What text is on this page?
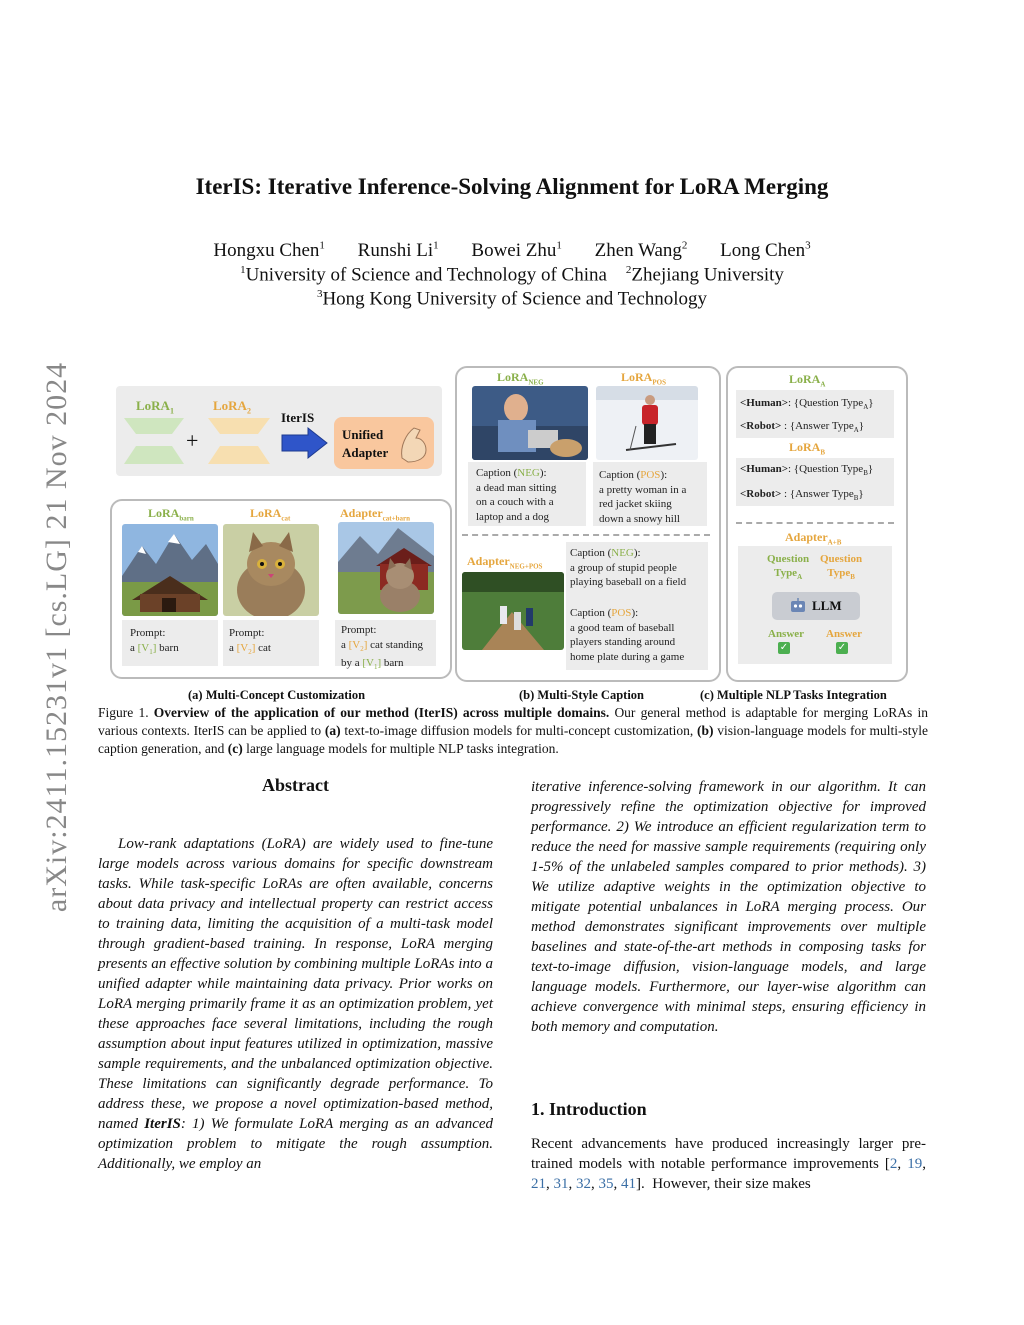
arXiv:2411.15231v1 [cs.LG] 21 Nov 2024
IterIS: Iterative Inference-Solving Alignment for LoRA Merging
Hongxu Chen$^1$ Runshi Li$^1$ Bowei Zhu$^1$ Zhen Wang$^2$ Long Chen$^3$
$^1$University of Science and Technology of China $^2$Zhejiang University
$^3$Hong Kong University of Science and Technology
LoRA$_1$	LoRA$_2$
+
IterIS
Unified
Adapter
LoRA$_{barn}$	LoRA$_{cat}$	Adapter$_{cat+barn}$
Prompt:
a $[V_1]$ barn
Prompt:
a $[V_2]$ cat
Prompt:
a $[V_2]$ cat standing
by a $[V_1]$ barn
(a) Multi-Concept Customization
LoRA$_{NEG}$	LoRA$_{POS}$
Caption (NEG):
a dead man sitting
on a couch with a
laptop and a dog
Caption (POS):
a pretty woman in a
red jacket skiing
down a snowy hill
Adapter$_{NEG+POS}$
Caption (NEG):
a group of stupid people
playing baseball on a field
Caption (POS):
a good team of baseball
players standing around
home plate during a game
(b) Multi-Style Caption
LoRA$_A$
<Human>: {Question Type$_A$}
<Robot> : {Answer Type$_A$}
LoRA$_B$
<Human>: {Question Type$_B$}
<Robot> : {Answer Type$_B$}
Adapter$_{A+B}$
Question
Type$_A$
Question
Type$_B$
LLM
Answer Answer
✓	✓
(c) Multiple NLP Tasks Integration
Figure 1. Overview of the application of our method (IterIS) across multiple domains. Our general method is adaptable for merging LoRAs in various contexts. IterIS can be applied to (a) text-to-image diffusion models for multi-concept customization, (b) vision-language models for multi-style caption generation, and (c) large language models for multiple NLP tasks integration.
Abstract
Low-rank adaptations (LoRA) are widely used to fine-tune large models across various domains for specific downstream tasks. While task-specific LoRAs are often available, concerns about data privacy and intellectual property can restrict access to training data, limiting the acquisition of a multi-task model through gradient-based training. In response, LoRA merging presents an effective solution by combining multiple LoRAs into a unified adapter while maintaining data privacy. Prior works on LoRA merging primarily frame it as an optimization problem, yet these approaches face several limitations, including the rough assumption about input features utilized in optimization, massive sample requirements, and the unbalanced optimization objective. These limitations can significantly degrade performance. To address these, we propose a novel optimization-based method, named IterIS: 1) We formulate LoRA merging as an advanced optimization problem to mitigate the rough assumption. Additionally, we employ an
iterative inference-solving framework in our algorithm. It can progressively refine the optimization objective for improved performance. 2) We introduce an efficient regularization term to reduce the need for massive sample requirements (requiring only 1-5% of the unlabeled samples compared to prior methods). 3) We utilize adaptive weights in the optimization objective to mitigate potential unbalances in LoRA merging process. Our method demonstrates significant improvements over multiple baselines and state-of-the-art methods in composing tasks for text-to-image diffusion, vision-language models, and large language models. Furthermore, our layer-wise algorithm can achieve convergence with minimal steps, ensuring efficiency in both memory and computation.
1. Introduction
Recent advancements have produced increasingly larger pre-trained models with notable performance improvements [2, 19, 21, 31, 32, 35, 41]. However, their size makes
